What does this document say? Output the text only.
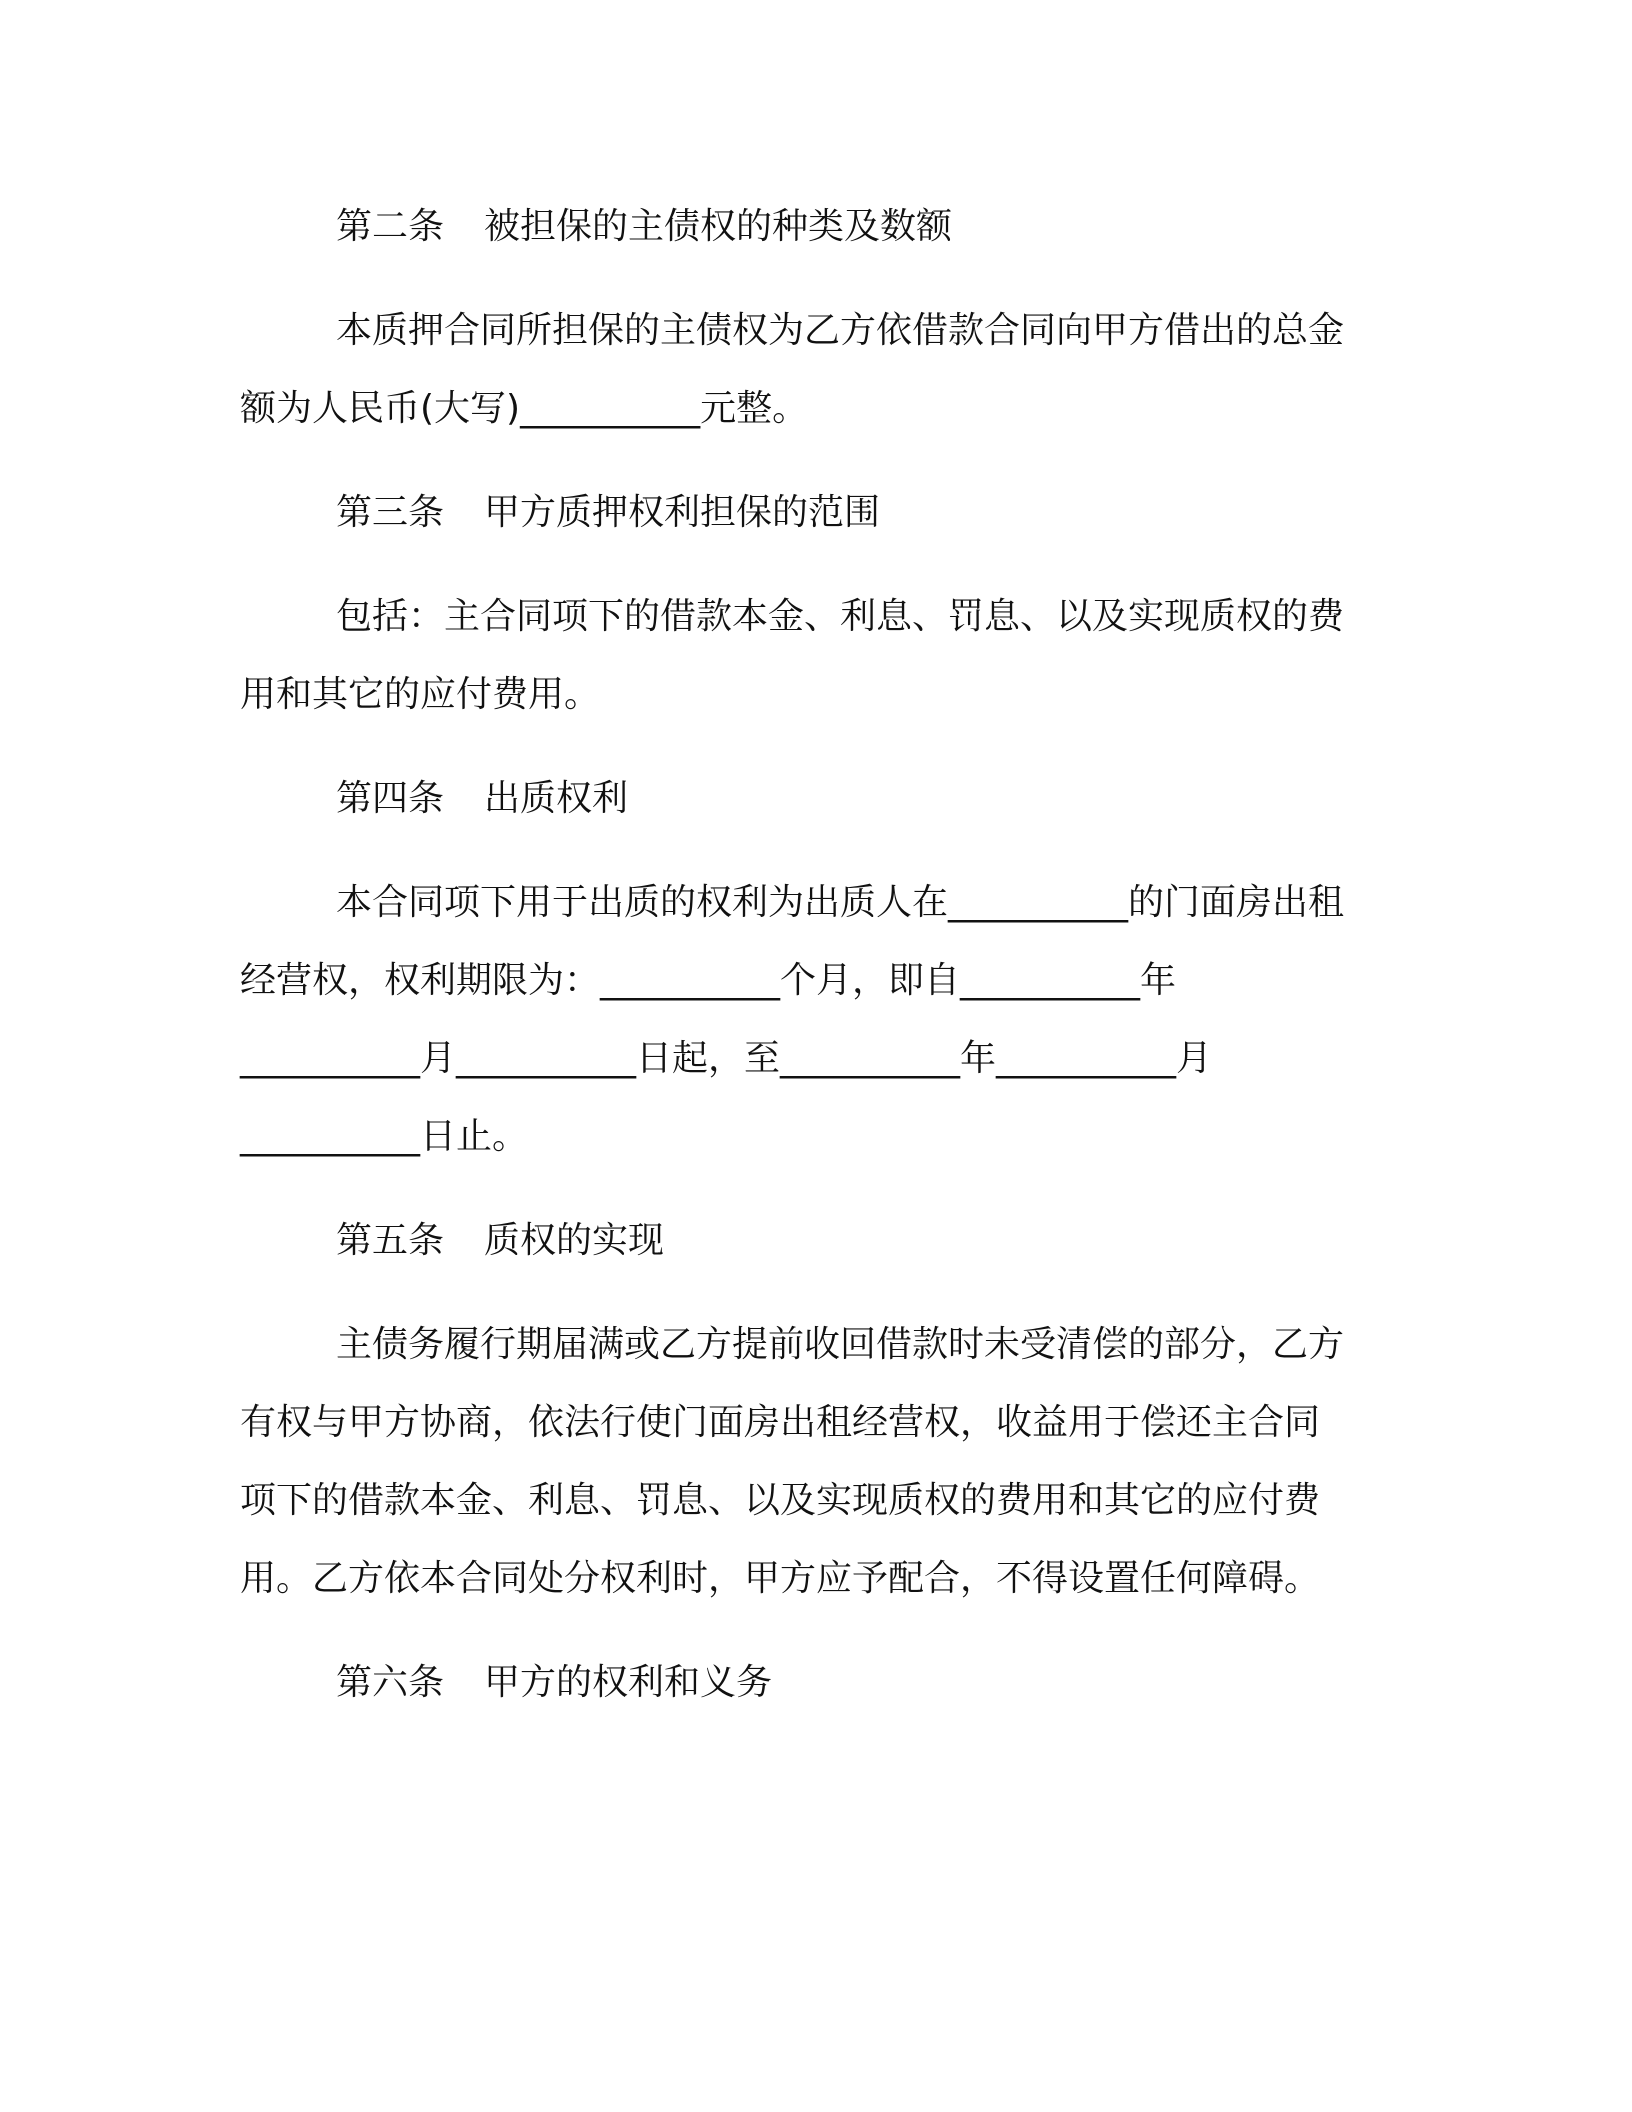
第二条 被担保的主债权的种类及数额
本质押合同所担保的主债权为乙方依借款合同向甲方借出的总金
额为人民币(大写)__________元整。
第三条 甲方质押权利担保的范围
包括：主合同项下的借款本金、利息、罚息、以及实现质权的费
用和其它的应付费用。
第四条 出质权利
本合同项下用于出质的权利为出质人在__________的门面房出租
经营权，权利期限为：__________个月，即自__________年
__________月__________日起，至__________年__________月
__________日止。
第五条 质权的实现
主债务履行期届满或乙方提前收回借款时未受清偿的部分，乙方
有权与甲方协商，依法行使门面房出租经营权，收益用于偿还主合同
项下的借款本金、利息、罚息、以及实现质权的费用和其它的应付费
用。乙方依本合同处分权利时，甲方应予配合，不得设置任何障碍。
第六条 甲方的权利和义务
